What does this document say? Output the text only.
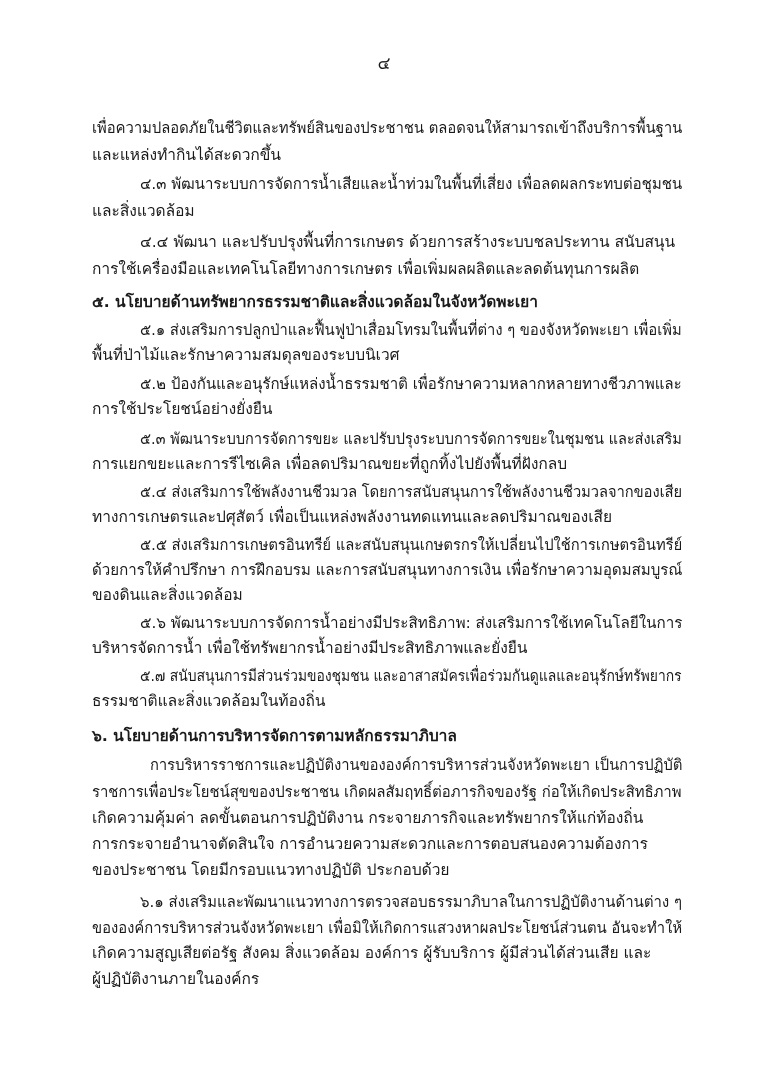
๔
เพื่อความปลอดภัยในชีวิตและทรัพย์สินของประชาชน ตลอดจนให้สามารถเข้าถึงบริการพื้นฐาน
และแหล่งทำกินได้สะดวกขึ้น
๔.๓ พัฒนาระบบการจัดการน้ำเสียและน้ำท่วมในพื้นที่เสี่ยง เพื่อลดผลกระทบต่อชุมชน
และสิ่งแวดล้อม
๔.๔ พัฒนา และปรับปรุงพื้นที่การเกษตร ด้วยการสร้างระบบชลประทาน สนับสนุน
การใช้เครื่องมือและเทคโนโลยีทางการเกษตร เพื่อเพิ่มผลผลิตและลดต้นทุนการผลิต
๕. นโยบายด้านทรัพยากรธรรมชาติและสิ่งแวดล้อมในจังหวัดพะเยา
๕.๑ ส่งเสริมการปลูกป่าและฟื้นฟูป่าเสื่อมโทรมในพื้นที่ต่าง ๆ ของจังหวัดพะเยา เพื่อเพิ่ม
พื้นที่ป่าไม้และรักษาความสมดุลของระบบนิเวศ
๕.๒ ป้องกันและอนุรักษ์แหล่งน้ำธรรมชาติ เพื่อรักษาความหลากหลายทางชีวภาพและ
การใช้ประโยชน์อย่างยั่งยืน
๕.๓ พัฒนาระบบการจัดการขยะ และปรับปรุงระบบการจัดการขยะในชุมชน และส่งเสริม
การแยกขยะและการรีไซเคิล เพื่อลดปริมาณขยะที่ถูกทิ้งไปยังพื้นที่ฝังกลบ
๕.๔ ส่งเสริมการใช้พลังงานชีวมวล โดยการสนับสนุนการใช้พลังงานชีวมวลจากของเสีย
ทางการเกษตรและปศุสัตว์ เพื่อเป็นแหล่งพลังงานทดแทนและลดปริมาณของเสีย
๕.๕ ส่งเสริมการเกษตรอินทรีย์ และสนับสนุนเกษตรกรให้เปลี่ยนไปใช้การเกษตรอินทรีย์
ด้วยการให้คำปรึกษา การฝึกอบรม และการสนับสนุนทางการเงิน เพื่อรักษาความอุดมสมบูรณ์
ของดินและสิ่งแวดล้อม
๕.๖ พัฒนาระบบการจัดการน้ำอย่างมีประสิทธิภาพ: ส่งเสริมการใช้เทคโนโลยีในการ
บริหารจัดการน้ำ เพื่อใช้ทรัพยากรน้ำอย่างมีประสิทธิภาพและยั่งยืน
๕.๗ สนับสนุนการมีส่วนร่วมของชุมชน และอาสาสมัครเพื่อร่วมกันดูแลและอนุรักษ์ทรัพยากร
ธรรมชาติและสิ่งแวดล้อมในท้องถิ่น
๖. นโยบายด้านการบริหารจัดการตามหลักธรรมาภิบาล
การบริหารราชการและปฏิบัติงานขององค์การบริหารส่วนจังหวัดพะเยา เป็นการปฏิบัติ
ราชการเพื่อประโยชน์สุขของประชาชน เกิดผลสัมฤทธิ์ต่อภารกิจของรัฐ ก่อให้เกิดประสิทธิภาพ
เกิดความคุ้มค่า ลดขั้นตอนการปฏิบัติงาน กระจายภารกิจและทรัพยากรให้แก่ท้องถิ่น
การกระจายอำนาจตัดสินใจ การอำนวยความสะดวกและการตอบสนองความต้องการ
ของประชาชน โดยมีกรอบแนวทางปฏิบัติ ประกอบด้วย
๖.๑ ส่งเสริมและพัฒนาแนวทางการตรวจสอบธรรมาภิบาลในการปฏิบัติงานด้านต่าง ๆ
ขององค์การบริหารส่วนจังหวัดพะเยา เพื่อมิให้เกิดการแสวงหาผลประโยชน์ส่วนตน อันจะทำให้
เกิดความสูญเสียต่อรัฐ สังคม สิ่งแวดล้อม องค์การ ผู้รับบริการ ผู้มีส่วนได้ส่วนเสีย และ
ผู้ปฏิบัติงานภายในองค์กร
